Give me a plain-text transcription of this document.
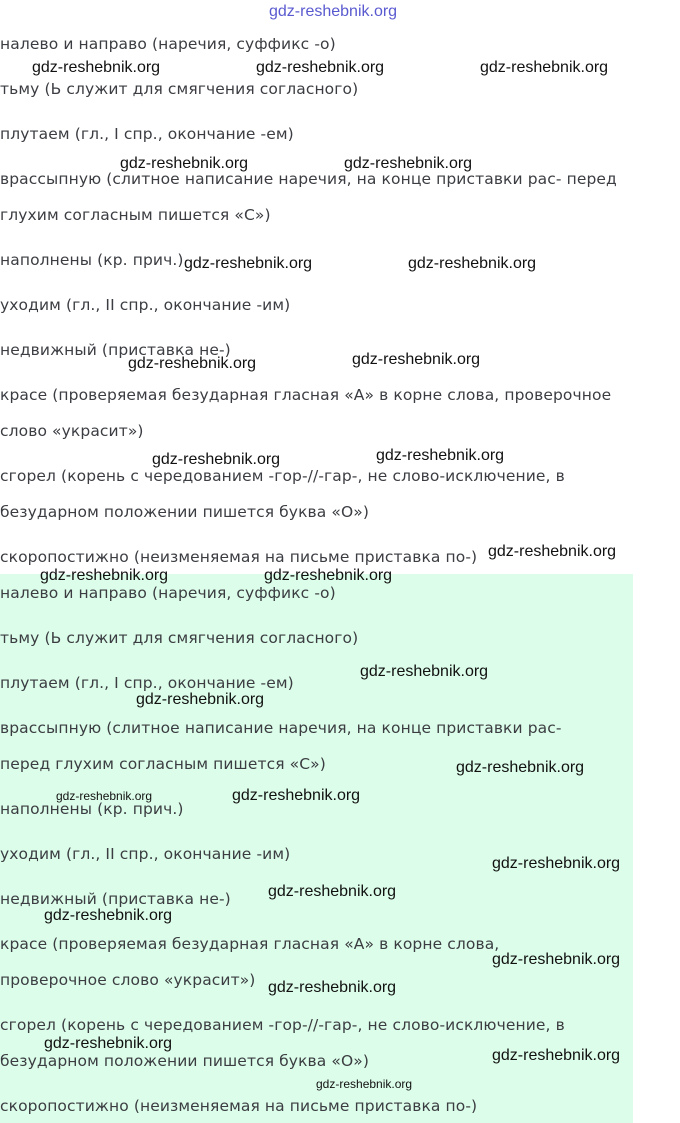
налево и направо (наречия, суффикс -о)

тьму (Ь служит для смягчения согласного)

плутаем (гл., I спр., окончание -ем)

врассыпную (слитное написание наречия, на конце приставки рас- перед

глухим согласным пишется «С»)

наполнены (кр. прич.)

уходим (гл., II спр., окончание -им)

недвижный (приставка не-)

красе (проверяемая безударная гласная «А» в корне слова, проверочное

слово «украсит»)

сгорел (корень с чередованием -гор-//-гар-, не слово-исключение, в

безударном положении пишется буква «О»)

скоропостижно (неизменяемая на письме приставка по-)

налево и направо (наречия, суффикс -о)

тьму (Ь служит для смягчения согласного)

плутаем (гл., I спр., окончание -ем)

врассыпную (слитное написание наречия, на конце приставки рас-

перед глухим согласным пишется «С»)

наполнены (кр. прич.)

уходим (гл., II спр., окончание -им)

недвижный (приставка не-)

красе (проверяемая безударная гласная «А» в корне слова,

проверочное слово «украсит»)

сгорел (корень с чередованием -гор-//-гар-, не слово-исключение, в

безударном положении пишется буква «О»)

скоропостижно (неизменяемая на письме приставка по-)

gdz-reshebnik.org
gdz-reshebnik.org	gdz-reshebnik.org	gdz-reshebnik.org
gdz-reshebnik.org	gdz-reshebnik.org
gdz-reshebnik.org	gdz-reshebnik.org
gdz-reshebnik.org	gdz-reshebnik.org
gdz-reshebnik.org	gdz-reshebnik.org
gdz-reshebnik.org
gdz-reshebnik.org	gdz-reshebnik.org
gdz-reshebnik.org
gdz-reshebnik.org
gdz-reshebnik.org
gdz-reshebnik.org	gdz-reshebnik.org
gdz-reshebnik.org
gdz-reshebnik.org
gdz-reshebnik.org
gdz-reshebnik.org
gdz-reshebnik.org
gdz-reshebnik.org
gdz-reshebnik.org
gdz-reshebnik.org
